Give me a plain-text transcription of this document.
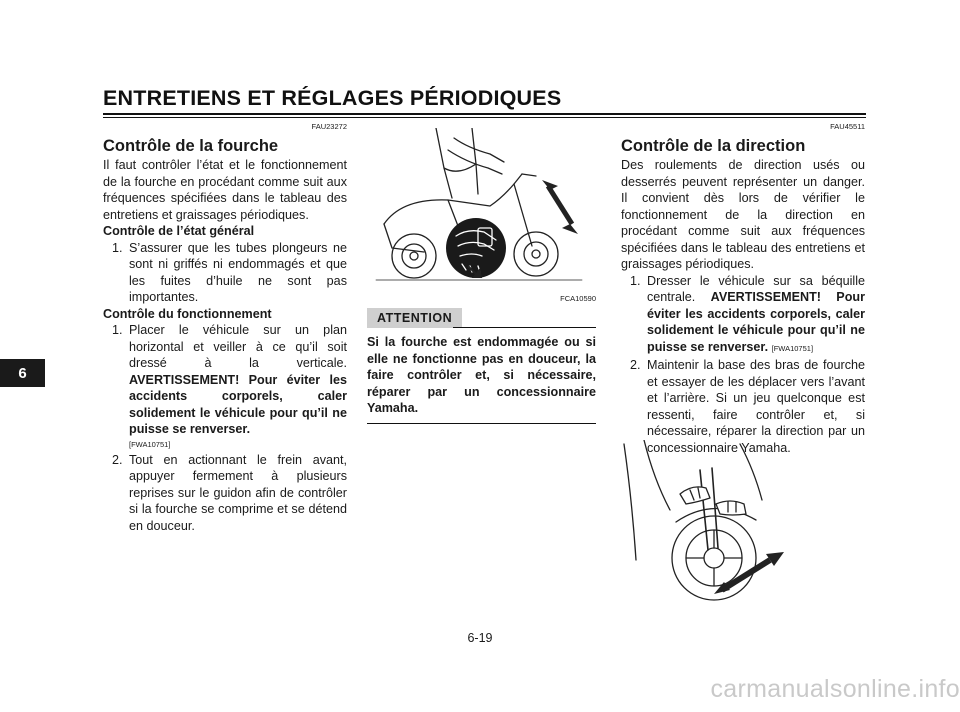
ENTRETIENS ET RÉGLAGES PÉRIODIQUES
6
FAU23272
Contrôle de la fourche
Il faut contrôler l’état et le fonctionnement de la fourche en procédant comme suit aux fréquences spécifiées dans le tableau des entretiens et graissages périodiques.
Contrôle de l’état général
1. S’assurer que les tubes plongeurs ne sont ni griffés ni endommagés et que les fuites d’huile ne sont pas importantes.
Contrôle du fonctionnement
1. Placer le véhicule sur un plan horizontal et veiller à ce qu’il soit dressé à la verticale. AVERTISSEMENT! Pour éviter les accidents corporels, caler solidement le véhicule pour qu’il ne puisse se renverser.
[FWA10751]
2. Tout en actionnant le frein avant, appuyer fermement à plusieurs reprises sur le guidon afin de contrôler si la fourche se comprime et se détend en douceur.
FCA10590
ATTENTION
Si la fourche est endommagée ou si elle ne fonctionne pas en douceur, la faire contrôler et, si nécessaire, réparer par un concessionnaire Yamaha.
FAU45511
Contrôle de la direction
Des roulements de direction usés ou desserrés peuvent représenter un danger. Il convient dès lors de vérifier le fonctionnement de la direction en procédant comme suit aux fréquences spécifiées dans le tableau des entretiens et graissages périodiques.
1. Dresser le véhicule sur sa béquille centrale. AVERTISSEMENT! Pour éviter les accidents corporels, caler solidement le véhicule pour qu’il ne puisse se renverser. [FWA10751]
2. Maintenir la base des bras de fourche et essayer de les déplacer vers l’avant et l’arrière. Si un jeu quelconque est ressenti, faire contrôler et, si nécessaire, réparer la direction par un concessionnaire Yamaha.
6-19
carmanualsonline.info
